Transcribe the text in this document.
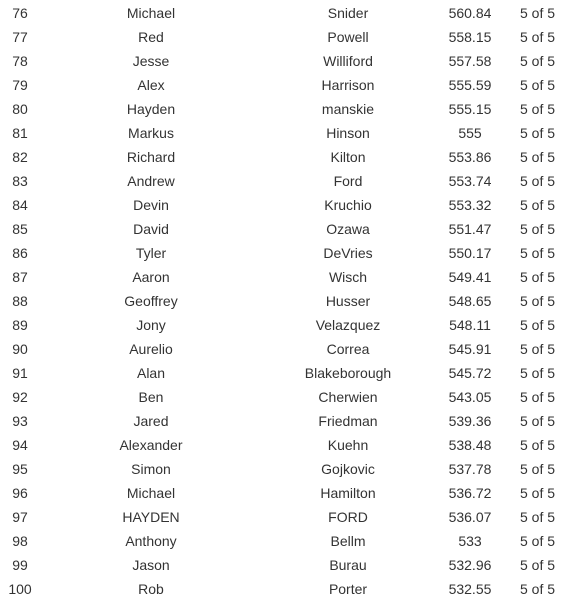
76	Michael	Snider	560.84	5 of 5
77	Red	Powell	558.15	5 of 5
78	Jesse	Williford	557.58	5 of 5
79	Alex	Harrison	555.59	5 of 5
80	Hayden	manskie	555.15	5 of 5
81	Markus	Hinson	555	5 of 5
82	Richard	Kilton	553.86	5 of 5
83	Andrew	Ford	553.74	5 of 5
84	Devin	Kruchio	553.32	5 of 5
85	David	Ozawa	551.47	5 of 5
86	Tyler	DeVries	550.17	5 of 5
87	Aaron	Wisch	549.41	5 of 5
88	Geoffrey	Husser	548.65	5 of 5
89	Jony	Velazquez	548.11	5 of 5
90	Aurelio	Correa	545.91	5 of 5
91	Alan	Blakeborough	545.72	5 of 5
92	Ben	Cherwien	543.05	5 of 5
93	Jared	Friedman	539.36	5 of 5
94	Alexander	Kuehn	538.48	5 of 5
95	Simon	Gojkovic	537.78	5 of 5
96	Michael	Hamilton	536.72	5 of 5
97	HAYDEN	FORD	536.07	5 of 5
98	Anthony	Bellm	533	5 of 5
99	Jason	Burau	532.96	5 of 5
100	Rob	Porter	532.55	5 of 5
